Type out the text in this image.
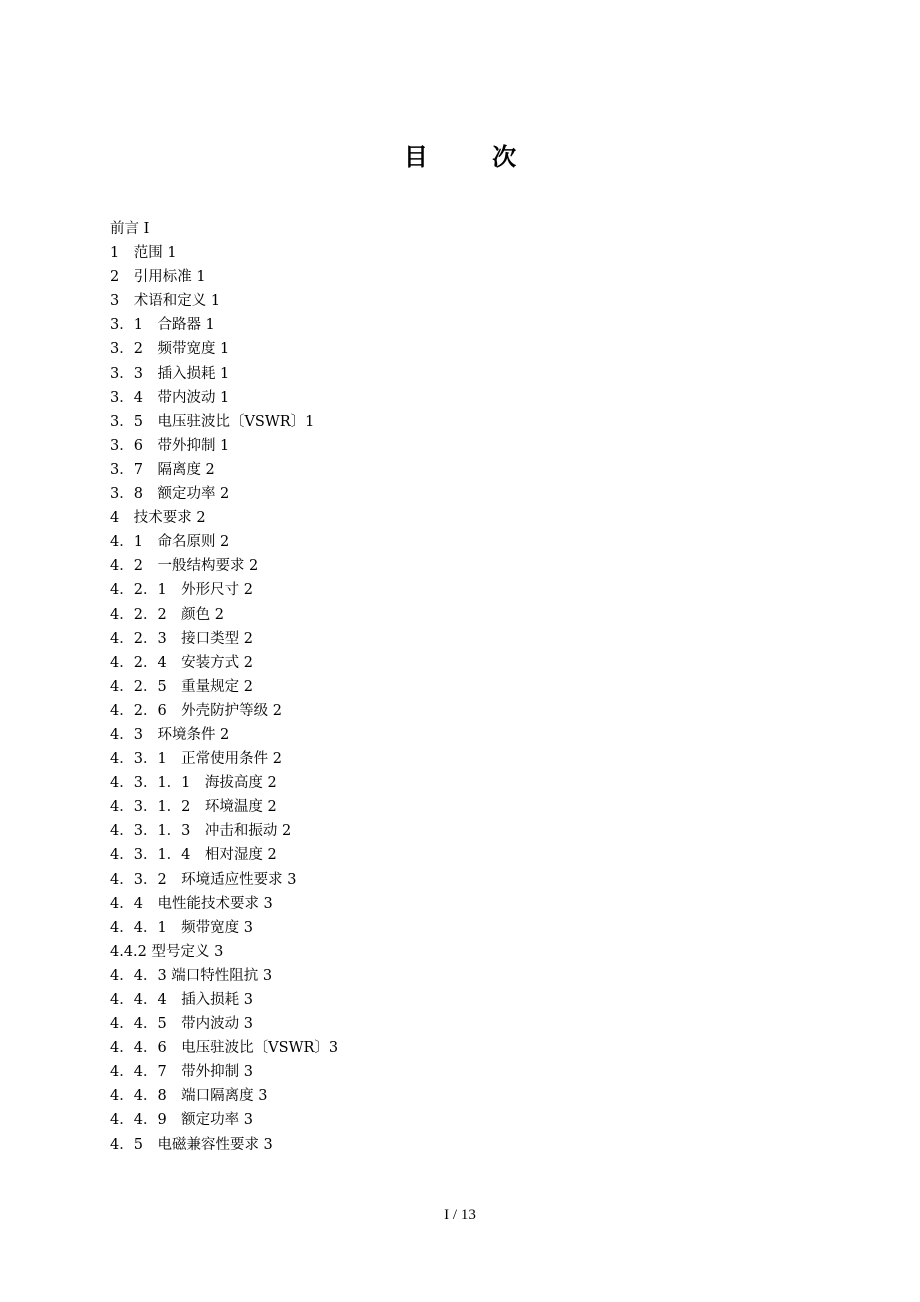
目 次
前言 I
1　范围 1
2　引用标准 1
3　术语和定义 1
3．1　合路器 1
3．2　频带宽度 1
3．3　插入损耗 1
3．4　带内波动 1
3．5　电压驻波比〔VSWR〕1
3．6　带外抑制 1
3．7　隔离度 2
3．8　额定功率 2
4　技术要求 2
4．1　命名原则 2
4．2　一般结构要求 2
4．2．1　外形尺寸 2
4．2．2　颜色 2
4．2．3　接口类型 2
4．2．4　安装方式 2
4．2．5　重量规定 2
4．2．6　外壳防护等级 2
4．3　环境条件 2
4．3．1　正常使用条件 2
4．3．1．1　海拔高度 2
4．3．1．2　环境温度 2
4．3．1．3　冲击和振动 2
4．3．1．4　相对湿度 2
4．3．2　环境适应性要求 3
4．4　电性能技术要求 3
4．4．1　频带宽度 3
4.4.2 型号定义 3
4．4．3 端口特性阻抗 3
4．4．4　插入损耗 3
4．4．5　带内波动 3
4．4．6　电压驻波比〔VSWR〕3
4．4．7　带外抑制 3
4．4．8　端口隔离度 3
4．4．9　额定功率 3
4．5　电磁兼容性要求 3
I / 13
